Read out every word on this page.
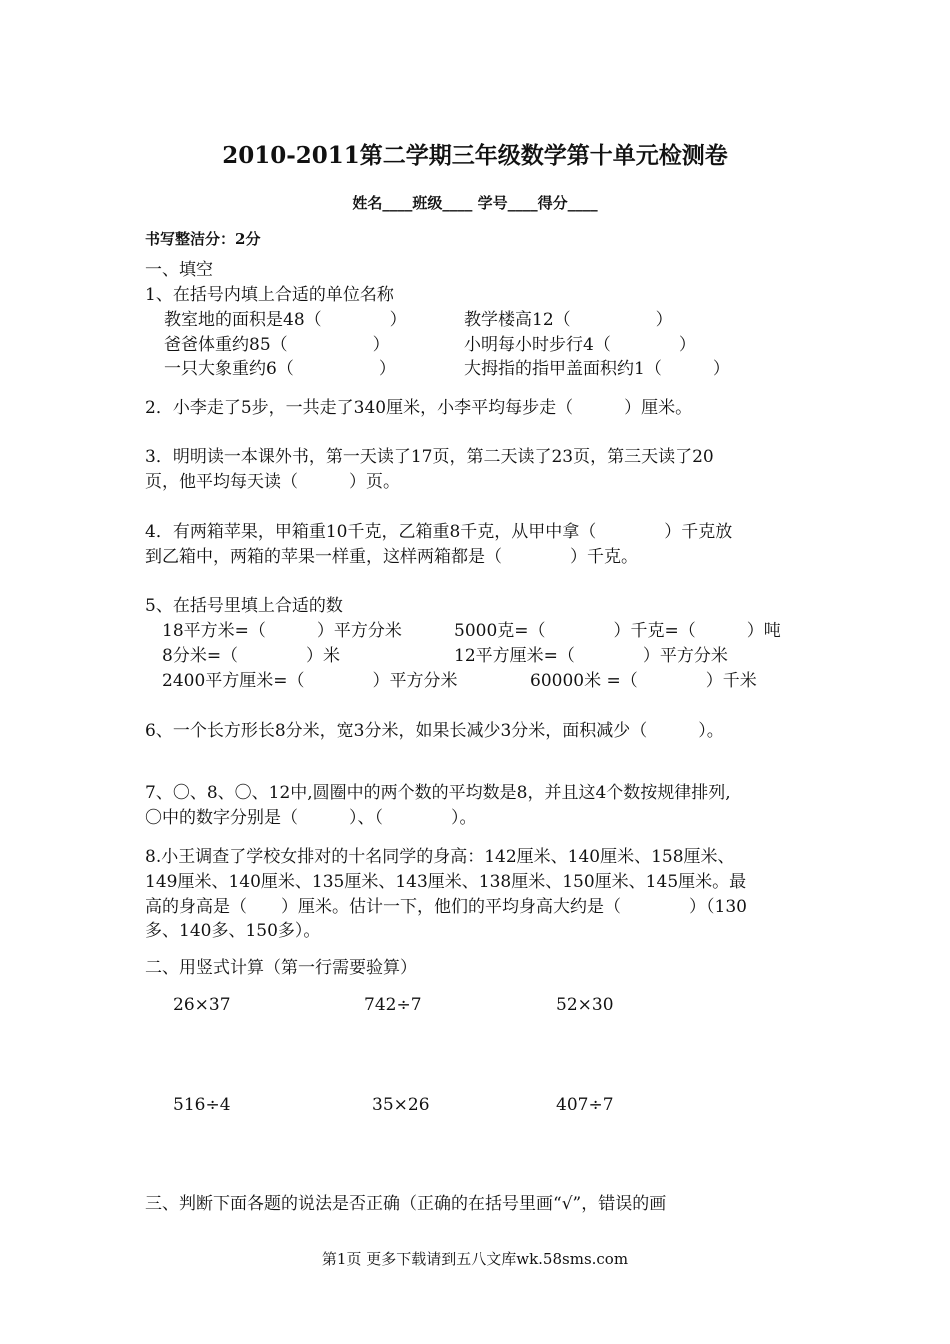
2010-2011第二学期三年级数学第十单元检测卷
姓名____班级____ 学号____得分____
书写整洁分：2分
一、填空
1、在括号内填上合适的单位名称
教室地的面积是48（　　　　）	教学楼高12（　　　　　）
爸爸体重约85（　　　　　）	小明每小时步行4（　　　　）
一只大象重约6（　　　　　）	大拇指的指甲盖面积约1（　　　）
2．小李走了5步，一共走了340厘米，小李平均每步走（　　　）厘米。
3．明明读一本课外书，第一天读了17页，第二天读了23页，第三天读了20
页，他平均每天读（　　　）页。
4．有两箱苹果，甲箱重10千克，乙箱重8千克，从甲中拿（　　　　）千克放
到乙箱中，两箱的苹果一样重，这样两箱都是（　　　　）千克。
5、在括号里填上合适的数
18平方米=（　　　）平方分米	5000克=（　　　　）千克=（　　　）吨
8分米=（　　　　）米	12平方厘米=（　　　　）平方分米
2400平方厘米=（　　　　）平方分米	60000米 =（　　　　）千米
6、一个长方形长8分米，宽3分米，如果长减少3分米，面积减少（　　　）。
7、〇、8、〇、12中,圆圈中的两个数的平均数是8，并且这4个数按规律排列,
〇中的数字分别是（　　　）、（　　　　）。
8.小王调查了学校女排对的十名同学的身高：142厘米、140厘米、158厘米、
149厘米、140厘米、135厘米、143厘米、138厘米、150厘米、145厘米。最
高的身高是（　　）厘米。估计一下，他们的平均身高大约是（　　　　）（130
多、140多、150多）。
二、用竖式计算（第一行需要验算）
26×37	742÷7	52×30
516÷4	35×26	407÷7
三、判断下面各题的说法是否正确（正确的在括号里画“√”，错误的画
第1页 更多下载请到五八文库wk.58sms.com
